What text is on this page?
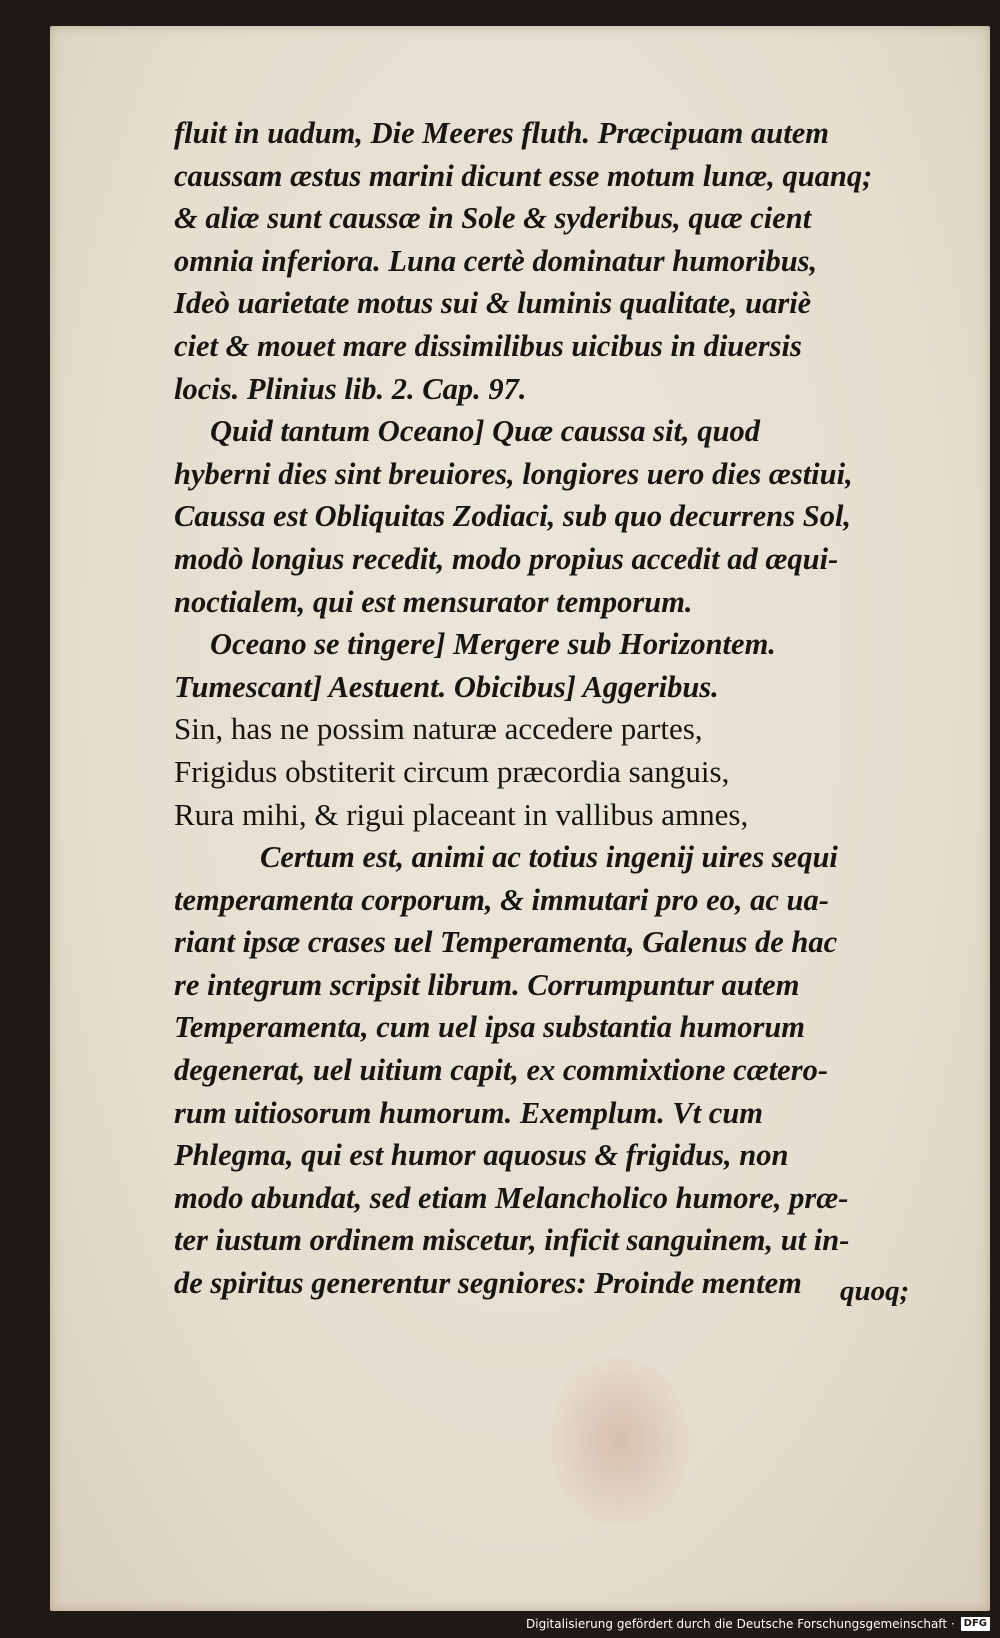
fluit in uadum, Die Meeres fluth. Præcipuam autem
caussam æstus marini dicunt esse motum lunæ, quanq;
& aliæ sunt caussæ in Sole & syderibus, quæ cient
omnia inferiora. Luna certè dominatur humoribus,
Ideò uarietate motus sui & luminis qualitate, uariè
ciet & mouet mare dissimilibus uicibus in diuersis
locis. Plinius lib. 2. Cap. 97.
Quid tantum Oceano] Quæ caussa sit, quod
hyberni dies sint breuiores, longiores uero dies æstiui,
Caussa est Obliquitas Zodiaci, sub quo decurrens Sol,
modò longius recedit, modo propius accedit ad æqui-
noctialem, qui est mensurator temporum.
Oceano se tingere] Mergere sub Horizontem.
Tumescant] Aestuent. Obicibus] Aggeribus.
Sin, has ne possim naturæ accedere partes,
Frigidus obstiterit circum præcordia sanguis,
Rura mihi, & rigui placeant in vallibus amnes,
Certum est, animi ac totius ingenij uires sequi
temperamenta corporum, & immutari pro eo, ac ua-
riant ipsæ crases uel Temperamenta, Galenus de hac
re integrum scripsit librum. Corrumpuntur autem
Temperamenta, cum uel ipsa substantia humorum
degenerat, uel uitium capit, ex commixtione cætero-
rum uitiosorum humorum. Exemplum. Vt cum
Phlegma, qui est humor aquosus & frigidus, non
modo abundat, sed etiam Melancholico humore, præ-
ter iustum ordinem miscetur, inficit sanguinem, ut in-
de spiritus generentur segniores: Proinde mentem	quoq;
Digitalisierung gefördert durch die Deutsche Forschungsgemeinschaft · DFG
